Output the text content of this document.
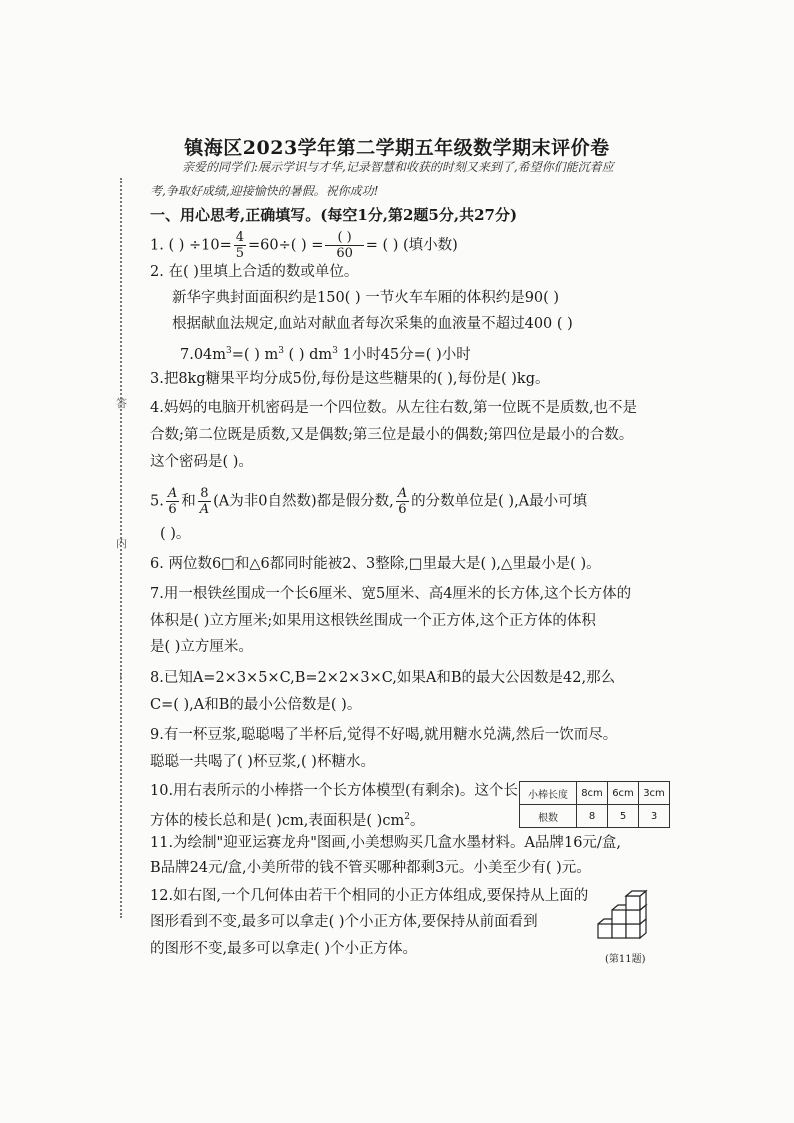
答
内
⁝
镇海区2023学年第二学期五年级数学期末评价卷
亲爱的同学们:展示学识与才华,记录智慧和收获的时刻又来到了,希望你们能沉着应
考,争取好成绩,迎接愉快的暑假。祝你成功!
一、用心思考,正确填写。(每空1分,第2题5分,共27分)
1. ( ) $\div 10= \frac{4}{5} =60\div$( ) = $\frac{( )}{60}$ = ( ) (填小数)
2. 在( )里填上合适的数或单位。
新华字典封面面积约是150( ) 一节火车车厢的体积约是90( )
根据献血法规定,血站对献血者每次采集的血液量不超过400 ( )
$7.04m^3=$( ) $m^3$ ( ) $dm^3$ 1小时45分=( )小时
3.把8kg糖果平均分成5份,每份是这些糖果的( ),每份是( )kg。
4.妈妈的电脑开机密码是一个四位数。从左往右数,第一位既不是质数,也不是
合数;第二位既是质数,又是偶数;第三位是最小的偶数;第四位是最小的合数。
这个密码是( )。
5. $\frac{A}{6}$ 和 $\frac{8}{A} (A$为非0自然数)都是假分数, $\frac{A}{6}$ 的分数单位是( ),A最小可填
( )。
6. 两位数6□和△6都同时能被2、3整除,□里最大是( ),△里最小是( )。
7.用一根铁丝围成一个长6厘米、宽5厘米、高4厘米的长方体,这个长方体的
体积是( )立方厘米;如果用这根铁丝围成一个正方体,这个正方体的体积
是( )立方厘米。
8.已知A=2×3×5×C,B=2×2×3×C,如果A和B的最大公因数是42,那么
C=( ),A和B的最小公倍数是( )。
9.有一杯豆浆,聪聪喝了半杯后,觉得不好喝,就用糖水兑满,然后一饮而尽。
聪聪一共喝了( )杯豆浆,( )杯糖水。
10.用右表所示的小棒搭一个长方体模型(有剩余)。这个长
方体的棱长总和是( )cm,表面积是( )$cm^2$。
小棒长度	8cm	6cm	3cm
根数	8	5	3
11.为绘制"迎亚运赛龙舟"图画,小美想购买几盒水墨材料。A品牌16元/盒,
B品牌24元/盒,小美所带的钱不管买哪种都剩3元。小美至少有( )元。
12.如右图,一个几何体由若干个相同的小正方体组成,要保持从上面的
图形看到不变,最多可以拿走( )个小正方体,要保持从前面看到
的图形不变,最多可以拿走( )个小正方体。
(第11题)
